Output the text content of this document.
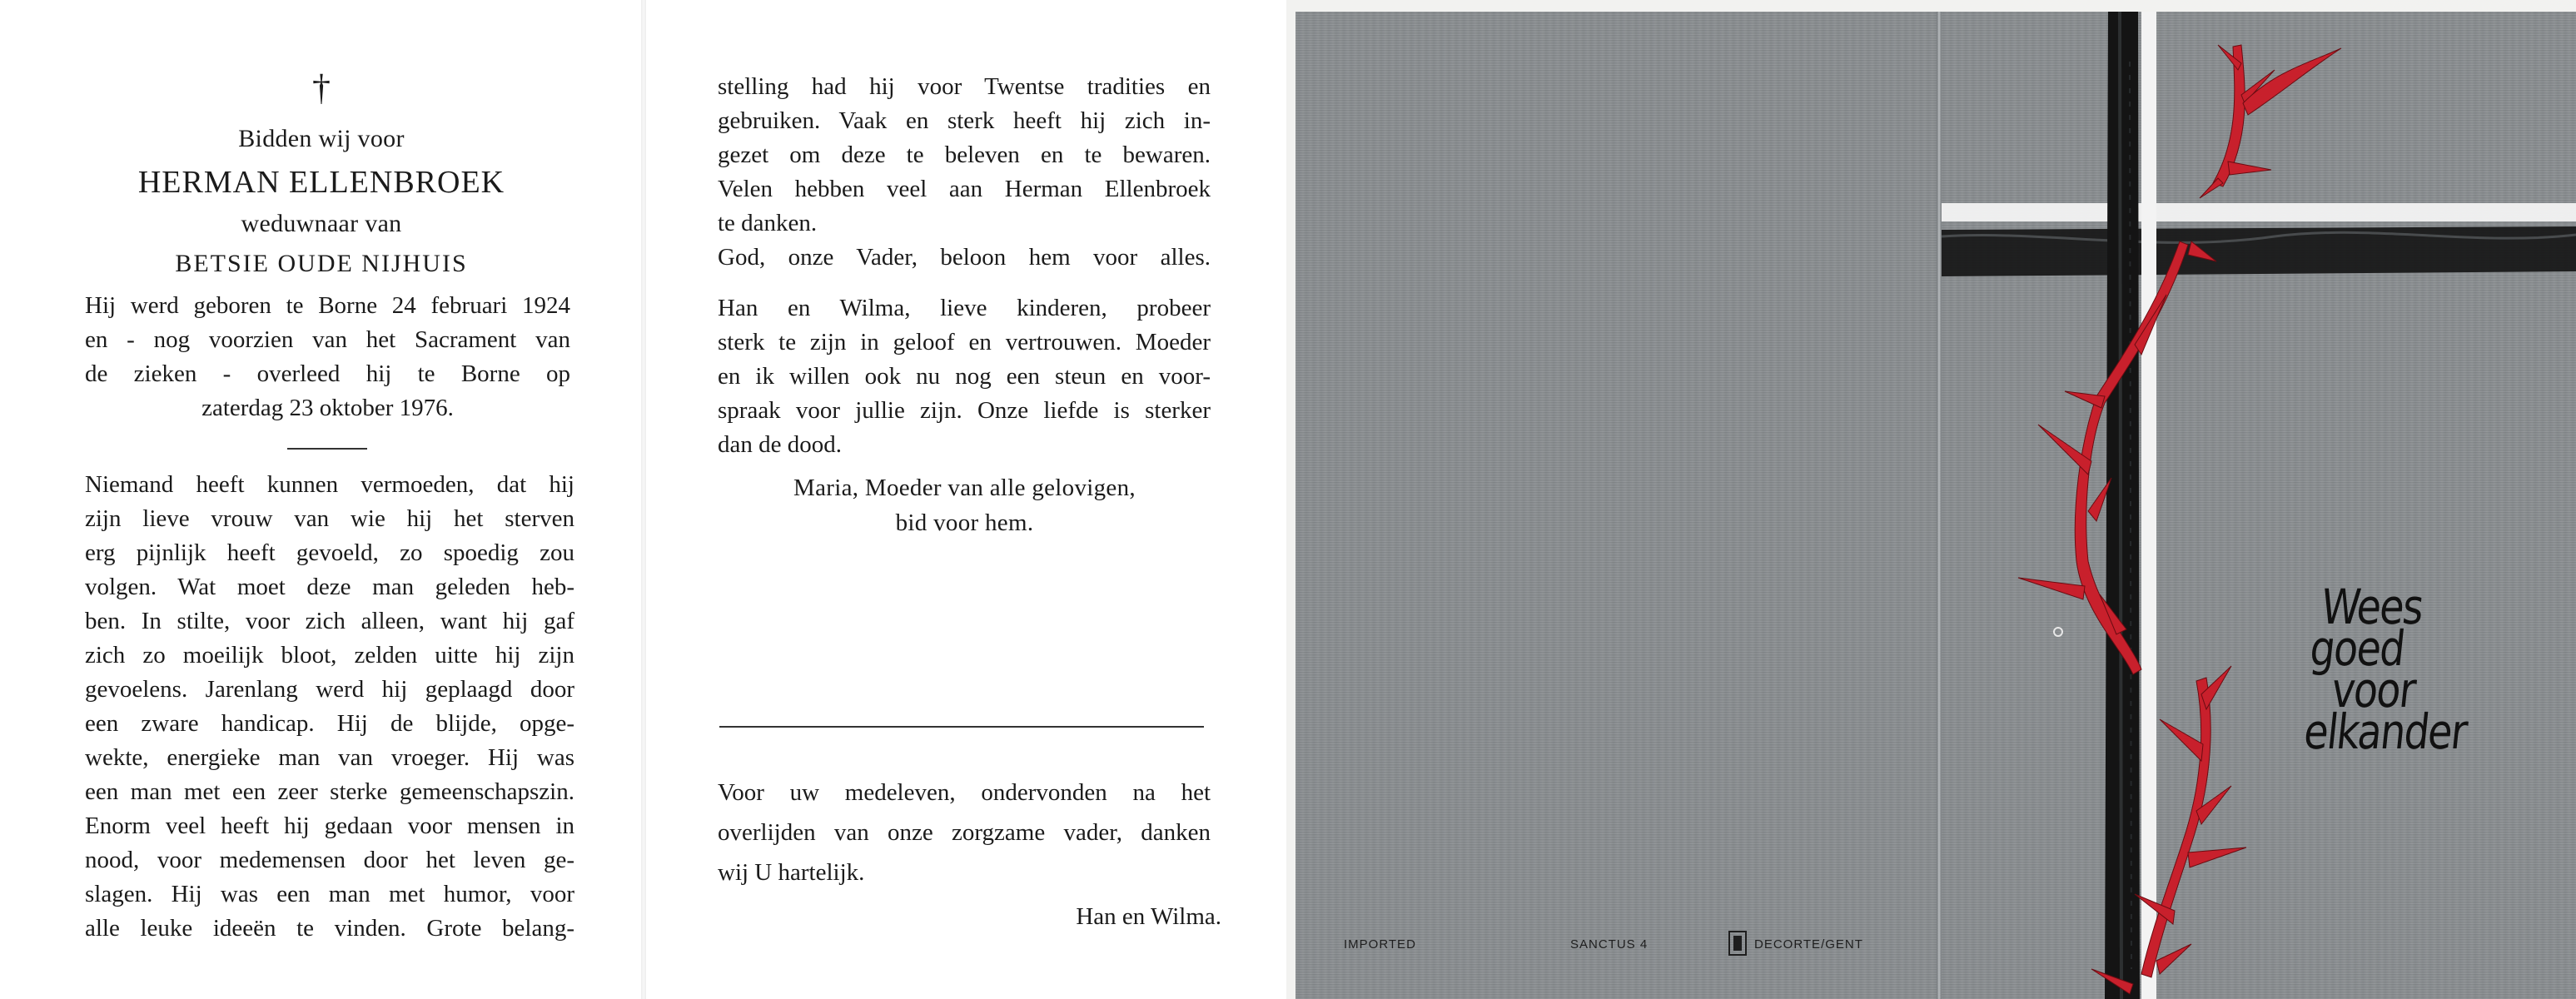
†
Bidden wij voor
HERMAN ELLENBROEK
weduwnaar van
BETSIE OUDE NIJHUIS
Hij werd geboren te Borne 24 februari 1924
en - nog voorzien van het Sacrament van
de zieken - overleed hij te Borne op
zaterdag 23 oktober 1976.
Niemand heeft kunnen vermoeden, dat hij
zijn lieve vrouw van wie hij het sterven
erg pijnlijk heeft gevoeld, zo spoedig zou
volgen. Wat moet deze man geleden heb-
ben. In stilte, voor zich alleen, want hij gaf
zich zo moeilijk bloot, zelden uitte hij zijn
gevoelens. Jarenlang werd hij geplaagd door
een zware handicap. Hij de blijde, opge-
wekte, energieke man van vroeger. Hij was
een man met een zeer sterke gemeenschapszin.
Enorm veel heeft hij gedaan voor mensen in
nood, voor medemensen door het leven ge-
slagen. Hij was een man met humor, voor
alle leuke ideeën te vinden. Grote belang-
stelling had hij voor Twentse tradities en
gebruiken. Vaak en sterk heeft hij zich in-
gezet om deze te beleven en te bewaren.
Velen hebben veel aan Herman Ellenbroek
te danken.
God, onze Vader, beloon hem voor alles.
Han en Wilma, lieve kinderen, probeer
sterk te zijn in geloof en vertrouwen. Moeder
en ik willen ook nu nog een steun en voor-
spraak voor jullie zijn. Onze liefde is sterker
dan de dood.
Maria, Moeder van alle gelovigen,
bid voor hem.
Voor uw medeleven, ondervonden na het
overlijden van onze zorgzame vader, danken
wij U hartelijk.
Han en Wilma.
IMPORTED	SANCTUS 4	DECORTE/GENT
Wees
goed
voor
elkander
